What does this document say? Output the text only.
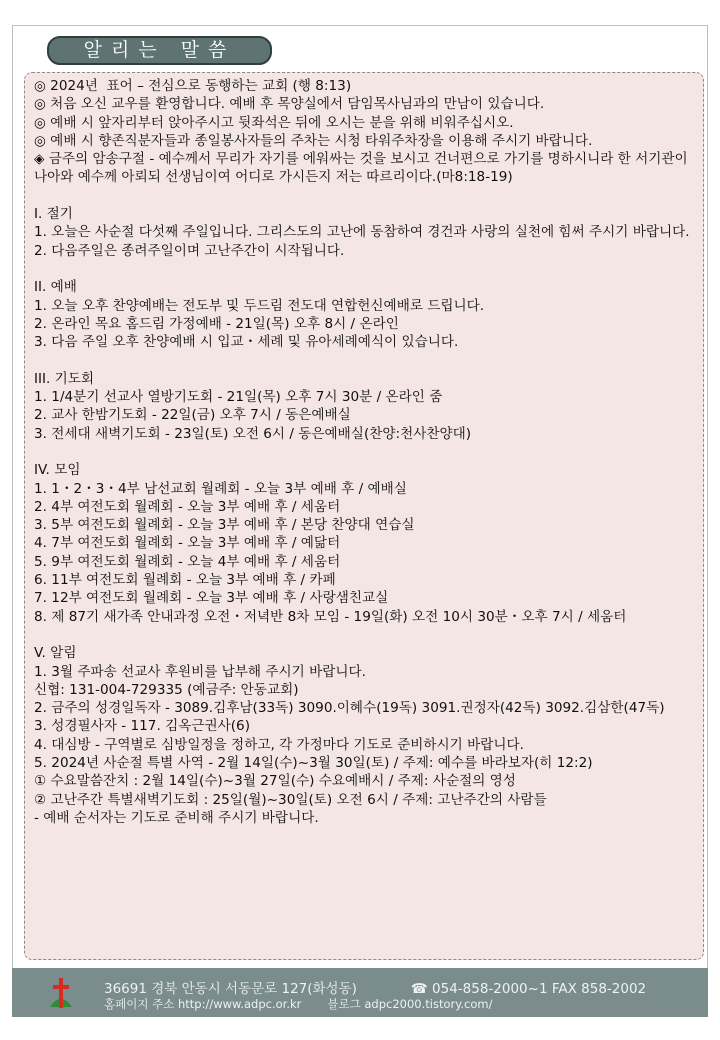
알리는 말씀

◎ 2024년  표어 – 전심으로 동행하는 교회 (행 8:13)

◎ 처음 오신 교우를 환영합니다. 예배 후 목양실에서 담임목사님과의 만남이 있습니다.

◎ 예배 시 앞자리부터 앉아주시고 뒷좌석은 뒤에 오시는 분을 위해 비워주십시오.

◎ 예배 시 향존직분자들과 종일봉사자들의 주차는 시청 타워주차장을 이용해 주시기 바랍니다.

◈ 금주의 암송구절 - 예수께서 무리가 자기를 에워싸는 것을 보시고 건너편으로 가기를 명하시니라 한 서기관이 나아와 예수께 아뢰되 선생님이여 어디로 가시든지 저는 따르리이다.(마8:18-19)

I. 절기

1. 오늘은 사순절 다섯째 주일입니다. 그리스도의 고난에 동참하여 경건과 사랑의 실천에 힘써 주시기 바랍니다.

2. 다음주일은 종려주일이며 고난주간이 시작됩니다.

II. 예배

1. 오늘 오후 찬양예배는 전도부 및 두드림 전도대 연합헌신예배로 드립니다.

2. 온라인 목요 홈드림 가정예배 - 21일(목) 오후 8시 / 온라인

3. 다음 주일 오후 찬양예배 시 입교・세례 및 유아세례예식이 있습니다.

III. 기도회

1. 1/4분기 선교사 열방기도회 - 21일(목) 오후 7시 30분 / 온라인 줌

2. 교사 한밤기도회 - 22일(금) 오후 7시 / 동은예배실

3. 전세대 새벽기도회 - 23일(토) 오전 6시 / 동은예배실(찬양:천사찬양대)

IV. 모임

1. 1・2・3・4부 남선교회 월례회 - 오늘 3부 예배 후 / 예배실

2. 4부 여전도회 월례회 - 오늘 3부 예배 후 / 세움터

3. 5부 여전도회 월례회 - 오늘 3부 예배 후 / 본당 찬양대 연습실

4. 7부 여전도회 월례회 - 오늘 3부 예배 후 / 예닮터

5. 9부 여전도회 월례회 - 오늘 4부 예배 후 / 세움터

6. 11부 여전도회 월례회 - 오늘 3부 예배 후 / 카페

7. 12부 여전도회 월례회 - 오늘 3부 예배 후 / 사랑샘친교실

8. 제 87기 새가족 안내과정 오전・저녁반 8차 모임 - 19일(화) 오전 10시 30분・오후 7시 / 세움터

V. 알림

1. 3월 주파송 선교사 후원비를 납부해 주시기 바랍니다.

신협: 131-004-729335 (예금주: 안동교회)

2. 금주의 성경일독자 - 3089.김후남(33독) 3090.이혜수(19독) 3091.권정자(42독) 3092.김삼한(47독)

3. 성경필사자 - 117. 김옥근권사(6)

4. 대심방 - 구역별로 심방일정을 정하고, 각 가정마다 기도로 준비하시기 바랍니다.

5. 2024년 사순절 특별 사역 - 2월 14일(수)~3월 30일(토) / 주제: 예수를 바라보자(히 12:2)

① 수요말씀잔치 : 2월 14일(수)~3월 27일(수) 수요예배시 / 주제: 사순절의 영성

② 고난주간 특별새벽기도회 : 25일(월)~30일(토) 오전 6시 / 주제: 고난주간의 사람들

- 예배 순서자는 기도로 준비해 주시기 바랍니다.

36691 경북 안동시 서동문로 127(화성동)	☎ 054-858-2000~1 FAX 858-2002
홈페이지 주소 http://www.adpc.or.kr 블로그 adpc2000.tistory.com/
